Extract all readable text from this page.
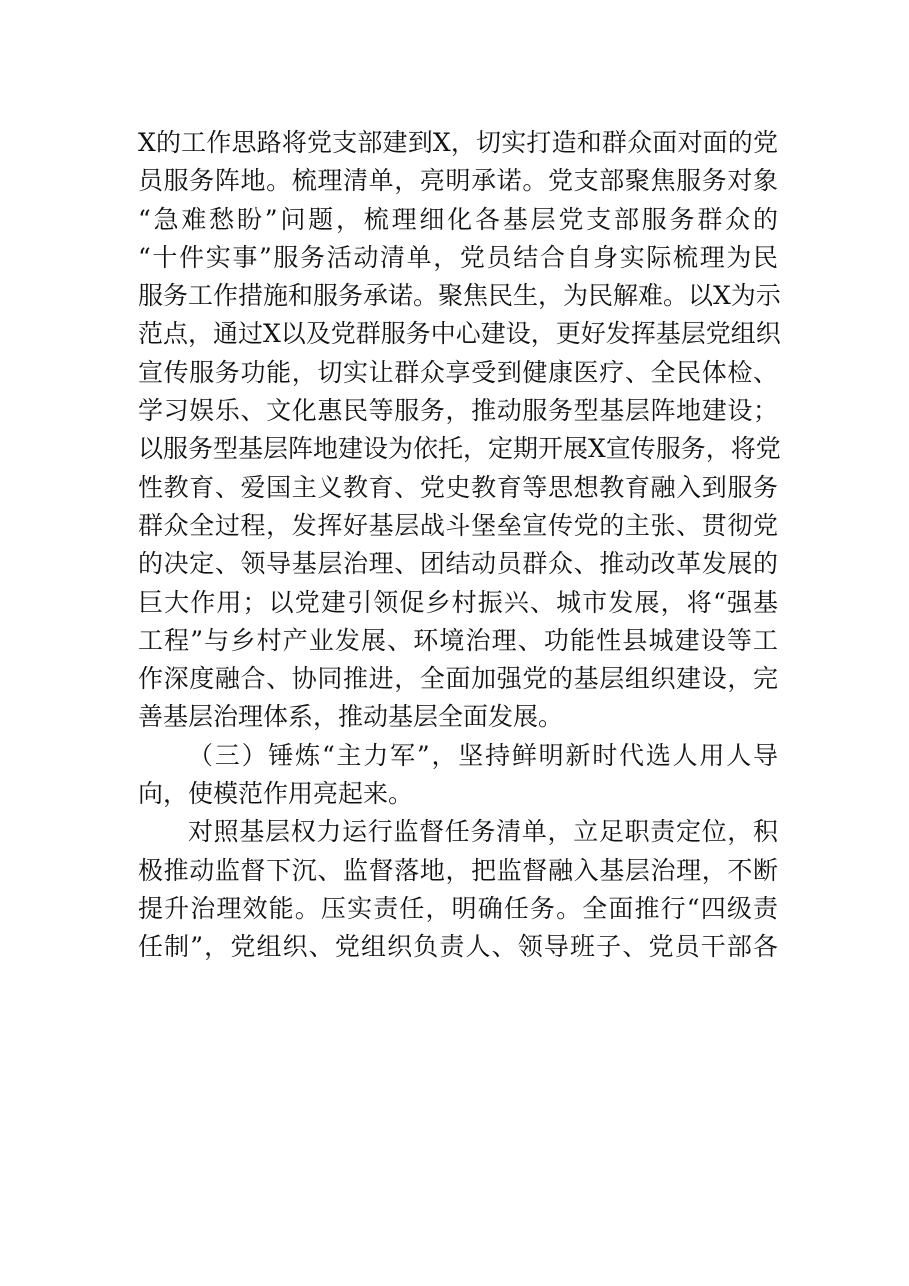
X的工作思路将党支部建到X，切实打造和群众面对面的党
员服务阵地。梳理清单，亮明承诺。党支部聚焦服务对象
“急难愁盼”问题，梳理细化各基层党支部服务群众的
“十件实事”服务活动清单，党员结合自身实际梳理为民
服务工作措施和服务承诺。聚焦民生，为民解难。以X为示
范点，通过X以及党群服务中心建设，更好发挥基层党组织
宣传服务功能，切实让群众享受到健康医疗、全民体检、
学习娱乐、文化惠民等服务，推动服务型基层阵地建设；
以服务型基层阵地建设为依托，定期开展X宣传服务，将党
性教育、爱国主义教育、党史教育等思想教育融入到服务
群众全过程，发挥好基层战斗堡垒宣传党的主张、贯彻党
的决定、领导基层治理、团结动员群众、推动改革发展的
巨大作用；以党建引领促乡村振兴、城市发展，将“强基
工程”与乡村产业发展、环境治理、功能性县城建设等工
作深度融合、协同推进，全面加强党的基层组织建设，完
善基层治理体系，推动基层全面发展。
（三）锤炼“主力军”，坚持鲜明新时代选人用人导
向，使模范作用亮起来。
对照基层权力运行监督任务清单，立足职责定位，积
极推动监督下沉、监督落地，把监督融入基层治理，不断
提升治理效能。压实责任，明确任务。全面推行“四级责
任制”，党组织、党组织负责人、领导班子、党员干部各
